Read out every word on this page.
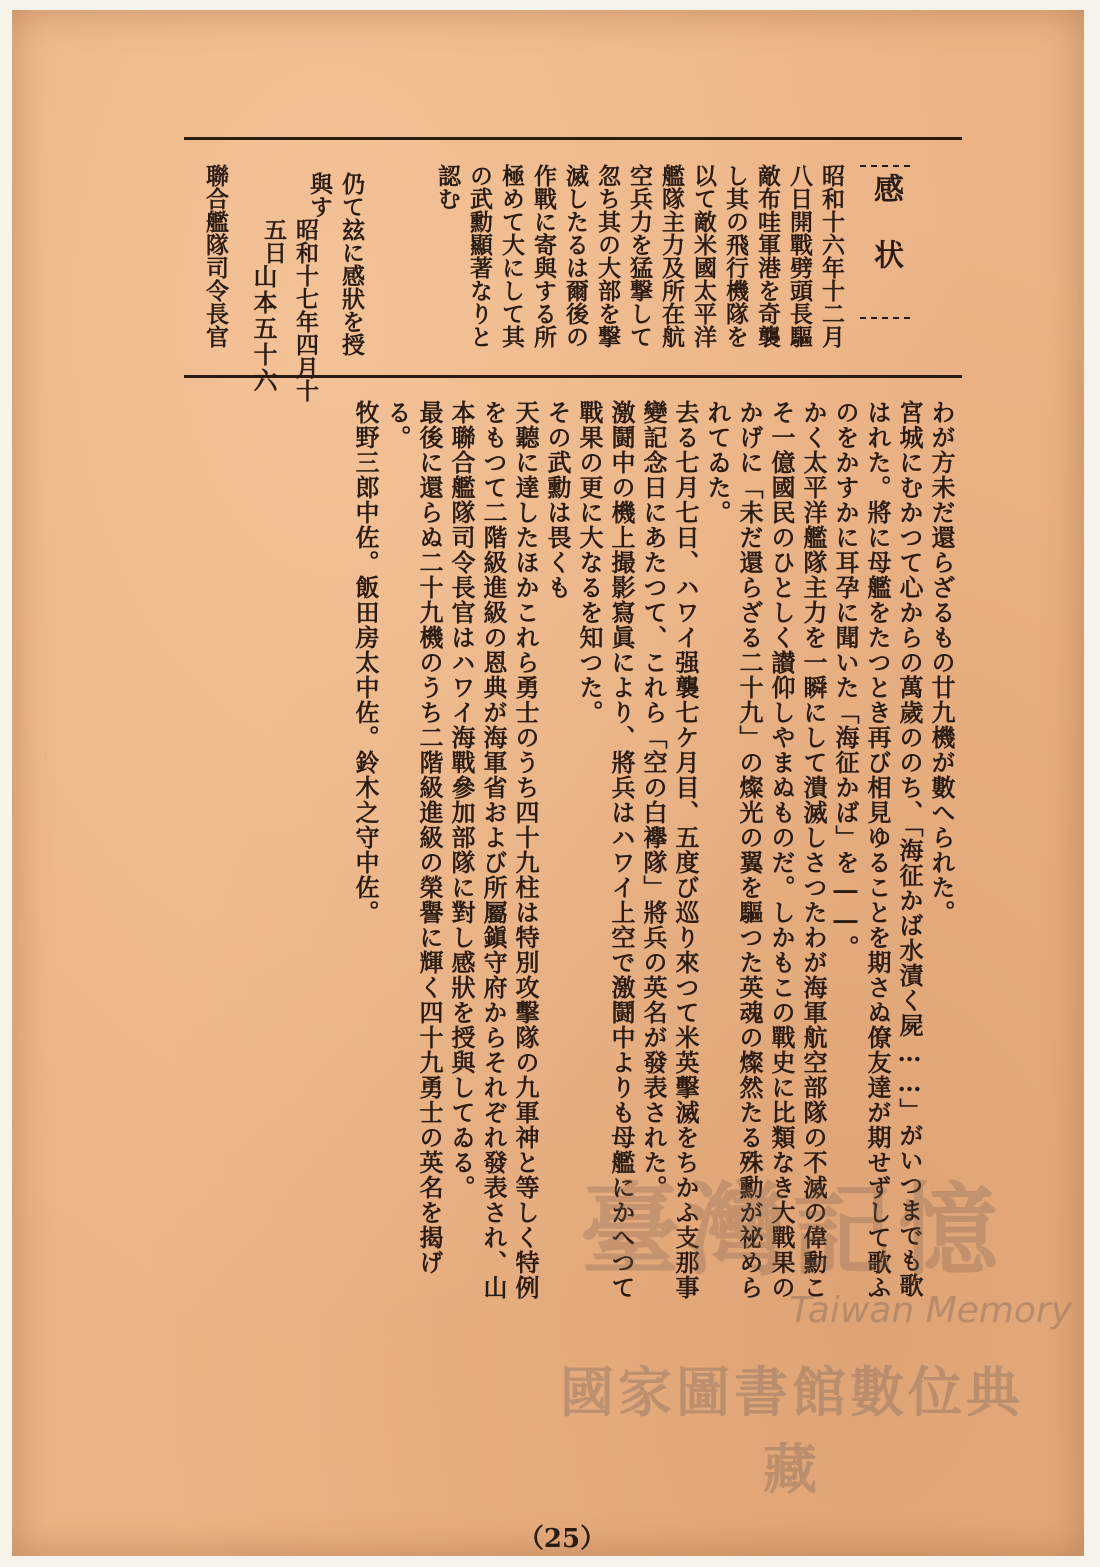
感状
昭和十六年十二月八日開戰劈頭長驅敵布哇軍港を奇襲し其の飛行機隊を以て敵米國太平洋艦隊主力及所在航空兵力を猛撃して忽ち其の大部を撃滅したるは爾後の作戰に寄與する所極めて大にして其の武勳顯著なりと認む
仍て玆に感狀を授與す
昭和十七年四月十五日
聯合艦隊司令長官 山本五十六

わが方未だ還らざるもの廿九機が數へられた。

宮城にむかつて心からの萬歲ののち、「海征かば水漬く屍……」がいつまでも歌はれた。將に母艦をたつとき再び相見ゆることを期さぬ僚友達が期せずして歌ふのをかすかに耳孕に聞いた「海征かば」を――。

かく太平洋艦隊主力を一瞬にして潰滅しさつたわが海軍航空部隊の不滅の偉勳こそ一億國民のひとしく讃仰しやまぬものだ。しかもこの戰史に比類なき大戰果のかげに「未だ還らざる二十九」の燦光の翼を驅つた英魂の燦然たる殊勳が祕められてゐた。

去る七月七日、ハワイ强襲七ケ月目、五度び巡り來つて米英擊滅をちかふ支那事變記念日にあたつて、これら「空の白襷隊」將兵の英名が發表された。

激鬪中の機上撮影寫眞により、將兵はハワイ上空で激鬪中よりも母艦にかへつて戰果の更に大なるを知つた。

その武勳は畏くも

天聽に達したほかこれら勇士のうち四十九柱は特別攻擊隊の九軍神と等しく特例をもつて二階級進級の恩典が海軍省および所屬鎭守府からそれぞれ發表され、山本聯合艦隊司令長官はハワイ海戰參加部隊に對し感狀を授與してゐる。

最後に還らぬ二十九機のうち二階級進級の榮譽に輝く四十九勇士の英名を揭げる。

牧野三郎中佐。飯田房太中佐。鈴木之守中佐。

（25）
臺灣記憶
Taiwan Memory
國家圖書館數位典藏
